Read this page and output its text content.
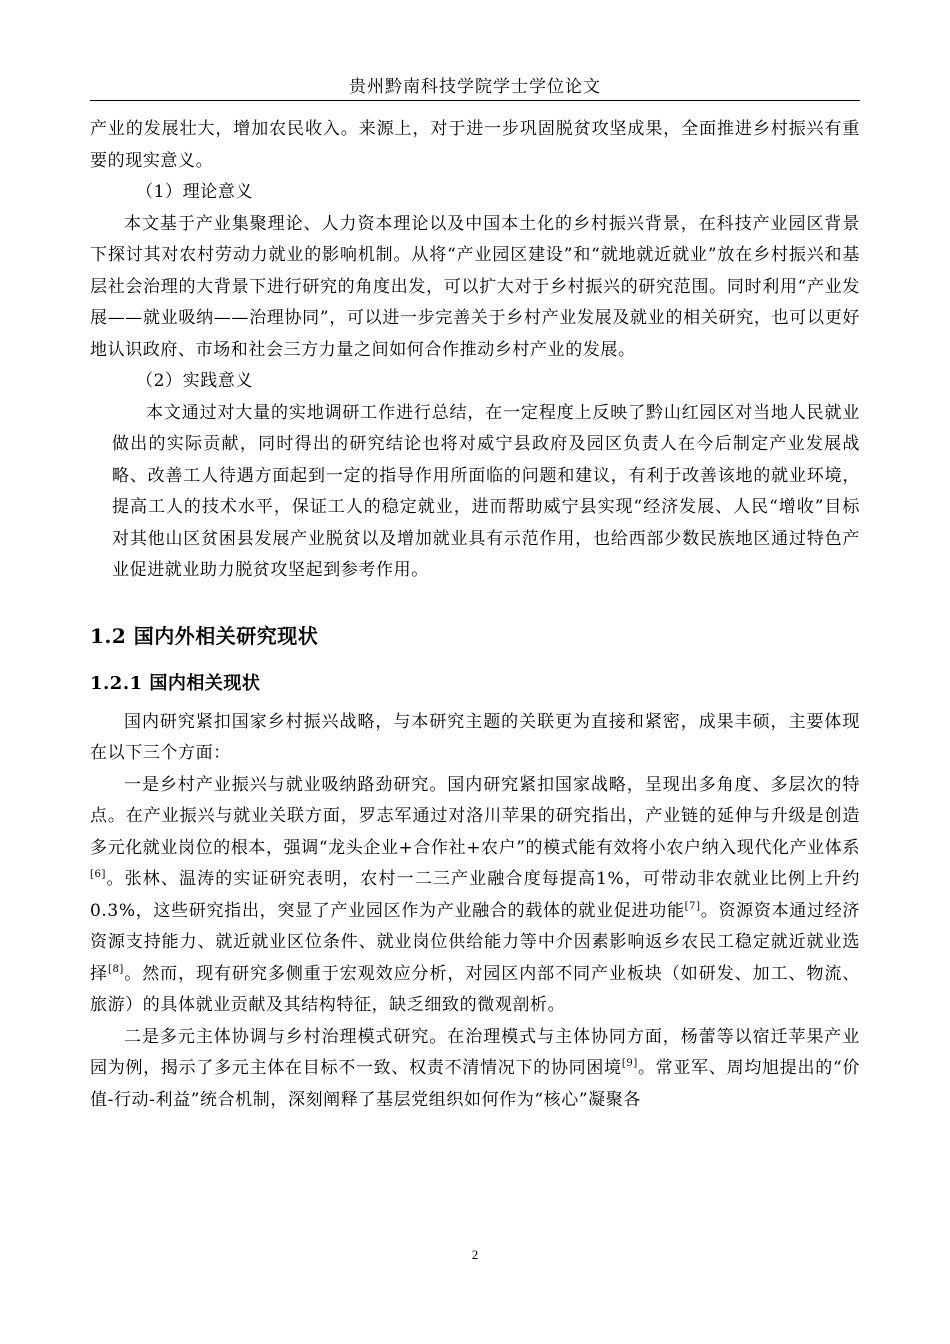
贵州黔南科技学院学士学位论文

产业的发展壮大，增加农民收入。来源上，对于进一步巩固脱贫攻坚成果，全面推进乡村振兴有重要的现实意义。

（1）理论意义

本文基于产业集聚理论、人力资本理论以及中国本土化的乡村振兴背景，在科技产业园区背景下探讨其对农村劳动力就业的影响机制。从将“产业园区建设”和“就地就近就业”放在乡村振兴和基层社会治理的大背景下进行研究的角度出发，可以扩大对于乡村振兴的研究范围。同时利用“产业发展——就业吸纳——治理协同”，可以进一步完善关于乡村产业发展及就业的相关研究，也可以更好地认识政府、市场和社会三方力量之间如何合作推动乡村产业的发展。

（2）实践意义

本文通过对大量的实地调研工作进行总结，在一定程度上反映了黔山红园区对当地人民就业做出的实际贡献，同时得出的研究结论也将对威宁县政府及园区负责人在今后制定产业发展战略、改善工人待遇方面起到一定的指导作用所面临的问题和建议，有利于改善该地的就业环境，提高工人的技术水平，保证工人的稳定就业，进而帮助威宁县实现“经济发展、人民“增收”目标对其他山区贫困县发展产业脱贫以及增加就业具有示范作用，也给西部少数民族地区通过特色产业促进就业助力脱贫攻坚起到参考作用。

1.2 国内外相关研究现状
1.2.1 国内相关现状

国内研究紧扣国家乡村振兴战略，与本研究主题的关联更为直接和紧密，成果丰硕，主要体现在以下三个方面：

一是乡村产业振兴与就业吸纳路劲研究。国内研究紧扣国家战略，呈现出多角度、多层次的特点。在产业振兴与就业关联方面，罗志军通过对洛川苹果的研究指出，产业链的延伸与升级是创造多元化就业岗位的根本，强调“龙头企业+合作社+农户”的模式能有效将小农户纳入现代化产业体系[6]。张林、温涛的实证研究表明，农村一二三产业融合度每提高1%，可带动非农就业比例上升约0.3%，这些研究指出，突显了产业园区作为产业融合的载体的就业促进功能[7]。资源资本通过经济资源支持能力、就近就业区位条件、就业岗位供给能力等中介因素影响返乡农民工稳定就近就业选择[8]。然而，现有研究多侧重于宏观效应分析，对园区内部不同产业板块（如研发、加工、物流、旅游）的具体就业贡献及其结构特征，缺乏细致的微观剖析。

二是多元主体协调与乡村治理模式研究。在治理模式与主体协同方面，杨蕾等以宿迁苹果产业园为例，揭示了多元主体在目标不一致、权责不清情况下的协同困境[9]。常亚军、周均旭提出的“价值-行动-利益”统合机制，深刻阐释了基层党组织如何作为“核心”凝聚各

2
